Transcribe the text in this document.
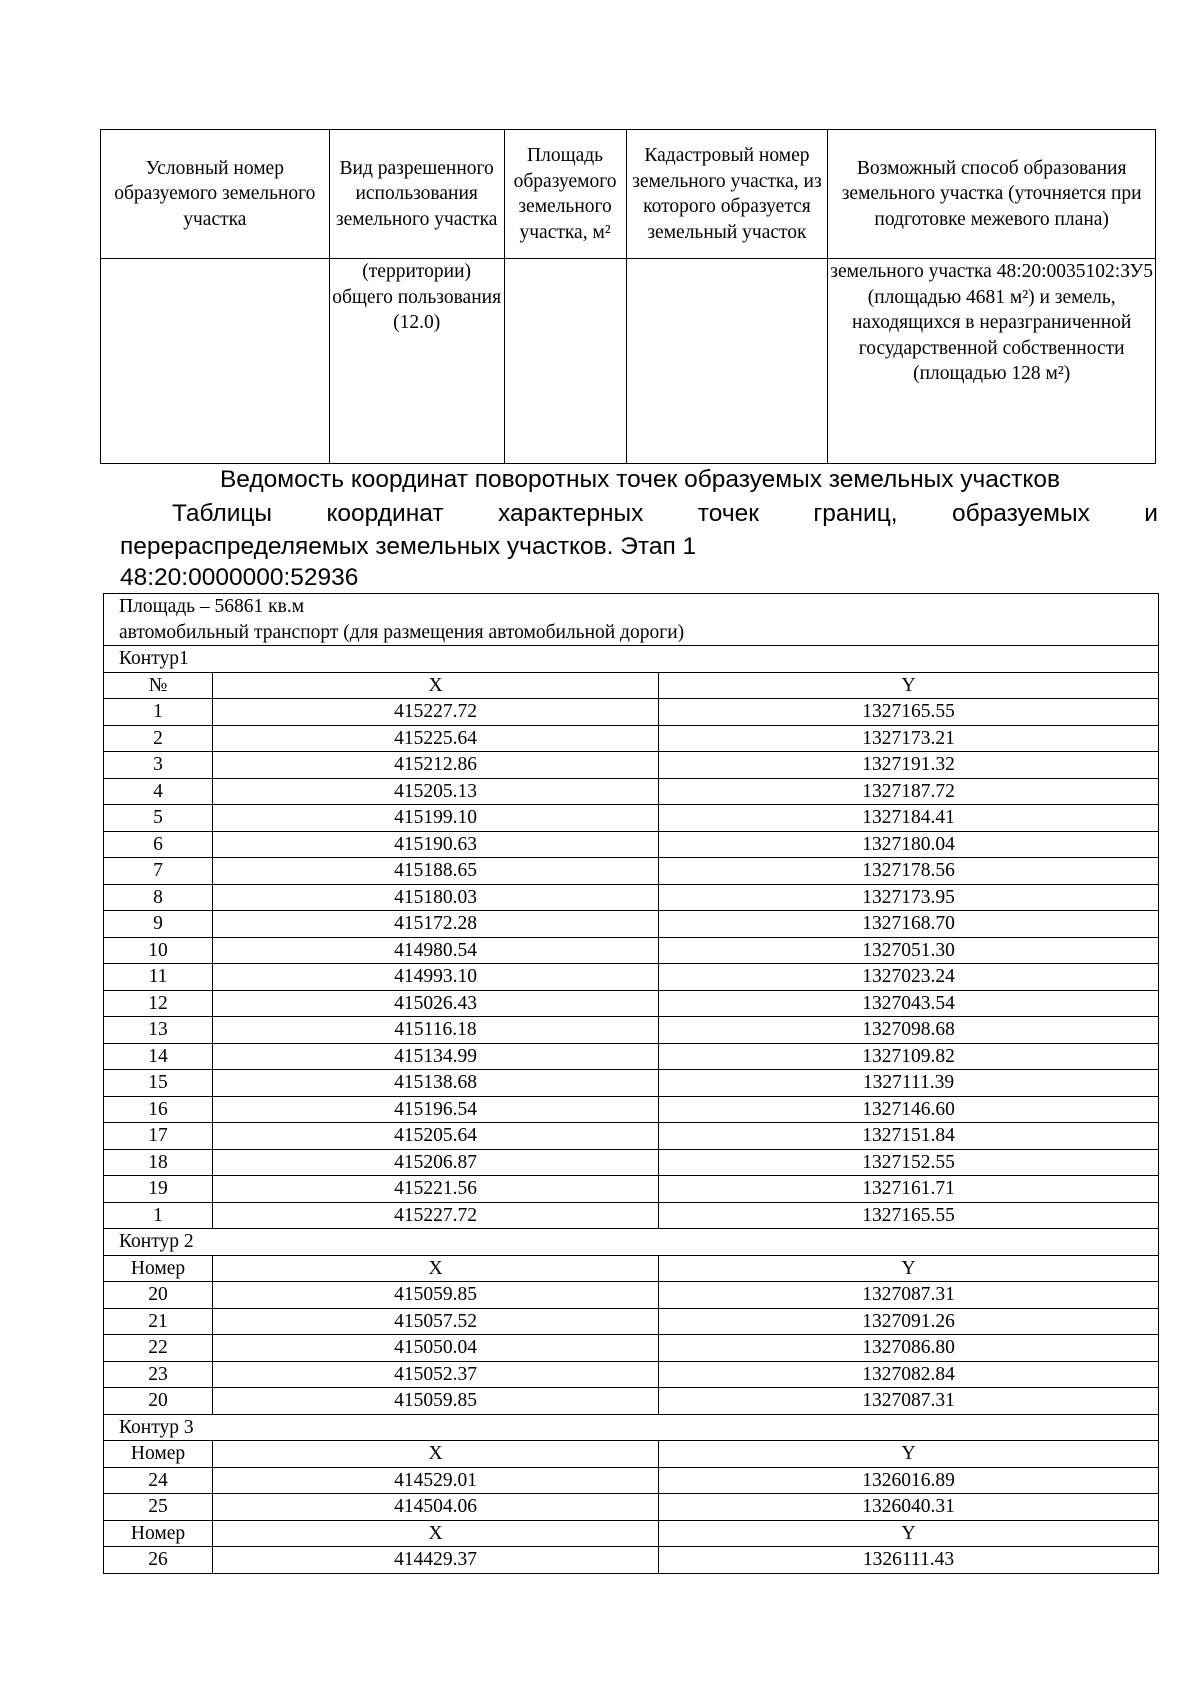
Условный номер образуемого земельного участка	Вид разрешенного использования земельного участка	Площадь образуемого земельного участка, м²	Кадастровый номер земельного участка, из которого образуется земельный участок	Возможный способ образования земельного участка (уточняется при подготовке межевого плана)
	(территории) общего пользования (12.0)			земельного участка 48:20:0035102:ЗУ5 (площадью 4681 м²) и земель, находящихся в неразграниченной государственной собственности (площадью 128 м²)
Ведомость координат поворотных точек образуемых земельных участков
Таблицы координат характерных точек границ, образуемых и
перераспределяемых земельных участков. Этап 1
48:20:0000000:52936
Площадь – 56861 кв.м
автомобильный транспорт (для размещения автомобильной дороги)		

Контур1		
№	X	Y
1	415227.72	1327165.55
2	415225.64	1327173.21
3	415212.86	1327191.32
4	415205.13	1327187.72
5	415199.10	1327184.41
6	415190.63	1327180.04
7	415188.65	1327178.56
8	415180.03	1327173.95
9	415172.28	1327168.70
10	414980.54	1327051.30
11	414993.10	1327023.24
12	415026.43	1327043.54
13	415116.18	1327098.68
14	415134.99	1327109.82
15	415138.68	1327111.39
16	415196.54	1327146.60
17	415205.64	1327151.84
18	415206.87	1327152.55
19	415221.56	1327161.71
1	415227.72	1327165.55
Контур 2		
Номер	X	Y
20	415059.85	1327087.31
21	415057.52	1327091.26
22	415050.04	1327086.80
23	415052.37	1327082.84
20	415059.85	1327087.31
Контур 3		
Номер	X	Y
24	414529.01	1326016.89
25	414504.06	1326040.31
Номер	X	Y
26	414429.37	1326111.43
